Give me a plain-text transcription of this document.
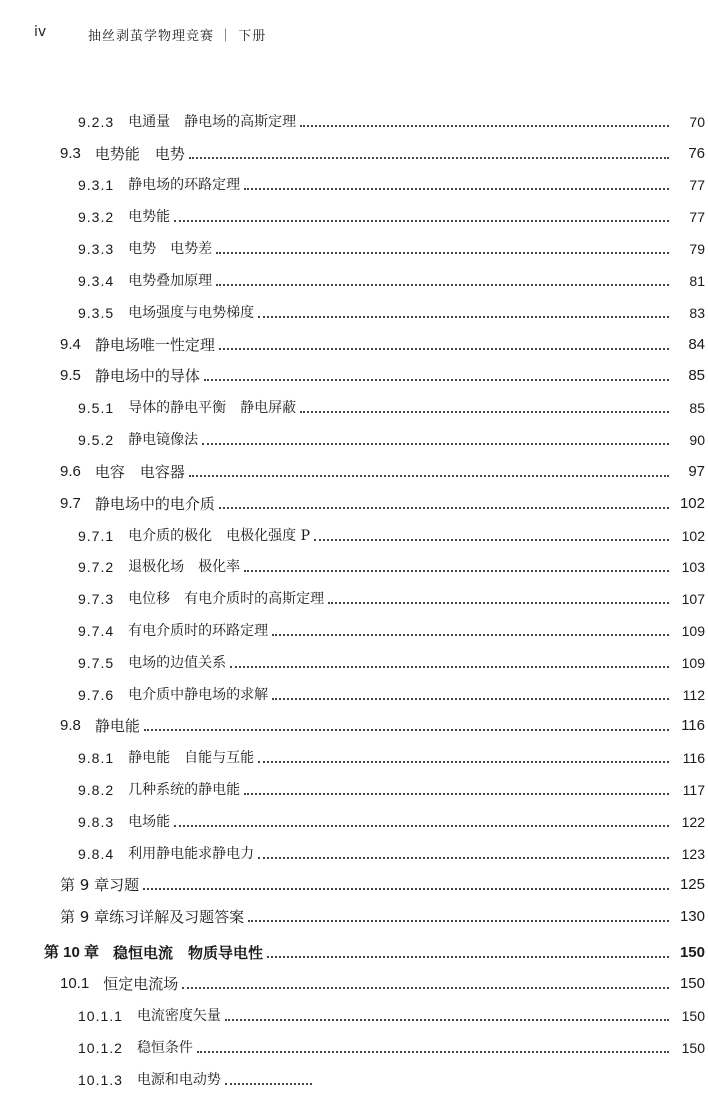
iv	抽丝剥茧学物理竞赛 ｜ 下册
9.2.3 电通量　静电场的高斯定理	70
9.3 电势能　电势	76
9.3.1 静电场的环路定理	77
9.3.2 电势能	77
9.3.3 电势　电势差	79
9.3.4 电势叠加原理	81
9.3.5 电场强度与电势梯度	83
9.4 静电场唯一性定理	84
9.5 静电场中的导体	85
9.5.1 导体的静电平衡　静电屏蔽	85
9.5.2 静电镜像法	90
9.6 电容　电容器	97
9.7 静电场中的电介质	102
9.7.1 电介质的极化　电极化强度 P	102
9.7.2 退极化场　极化率	103
9.7.3 电位移　有电介质时的高斯定理	107
9.7.4 有电介质时的环路定理	109
9.7.5 电场的边值关系	109
9.7.6 电介质中静电场的求解	112
9.8 静电能	116
9.8.1 静电能　自能与互能	116
9.8.2 几种系统的静电能	117
9.8.3 电场能	122
9.8.4 利用静电能求静电力	123
第 9 章习题	125
第 9 章练习详解及习题答案	130
第 10 章 稳恒电流　物质导电性	150
10.1 恒定电流场	150
10.1.1 电流密度矢量	150
10.1.2 稳恒条件	150
10.1.3 电源和电动势
